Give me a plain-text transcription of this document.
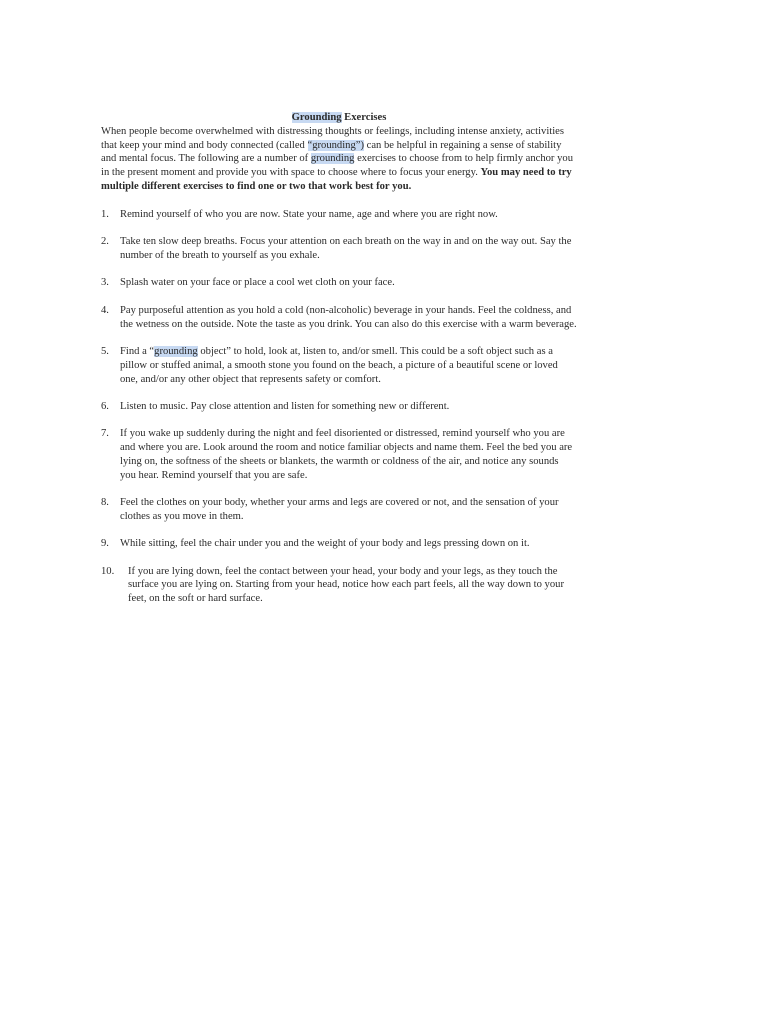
Grounding Exercises

When people become overwhelmed with distressing thoughts or feelings, including intense anxiety, activities that keep your mind and body connected (called “grounding”) can be helpful in regaining a sense of stability and mental focus. The following are a number of grounding exercises to choose from to help firmly anchor you in the present moment and provide you with space to choose where to focus your energy. You may need to try multiple different exercises to find one or two that work best for you.

1. Remind yourself of who you are now. State your name, age and where you are right now.
2. Take ten slow deep breaths. Focus your attention on each breath on the way in and on the way out. Say the number of the breath to yourself as you exhale.
3. Splash water on your face or place a cool wet cloth on your face.
4. Pay purposeful attention as you hold a cold (non-alcoholic) beverage in your hands. Feel the coldness, and the wetness on the outside. Note the taste as you drink. You can also do this exercise with a warm beverage.
5. Find a “grounding object” to hold, look at, listen to, and/or smell. This could be a soft object such as a pillow or stuffed animal, a smooth stone you found on the beach, a picture of a beautiful scene or loved one, and/or any other object that represents safety or comfort.
6. Listen to music. Pay close attention and listen for something new or different.
7. If you wake up suddenly during the night and feel disoriented or distressed, remind yourself who you are and where you are. Look around the room and notice familiar objects and name them. Feel the bed you are lying on, the softness of the sheets or blankets, the warmth or coldness of the air, and notice any sounds you hear. Remind yourself that you are safe.
8. Feel the clothes on your body, whether your arms and legs are covered or not, and the sensation of your clothes as you move in them.
9. While sitting, feel the chair under you and the weight of your body and legs pressing down on it.
10. If you are lying down, feel the contact between your head, your body and your legs, as they touch the surface you are lying on. Starting from your head, notice how each part feels, all the way down to your feet, on the soft or hard surface.
